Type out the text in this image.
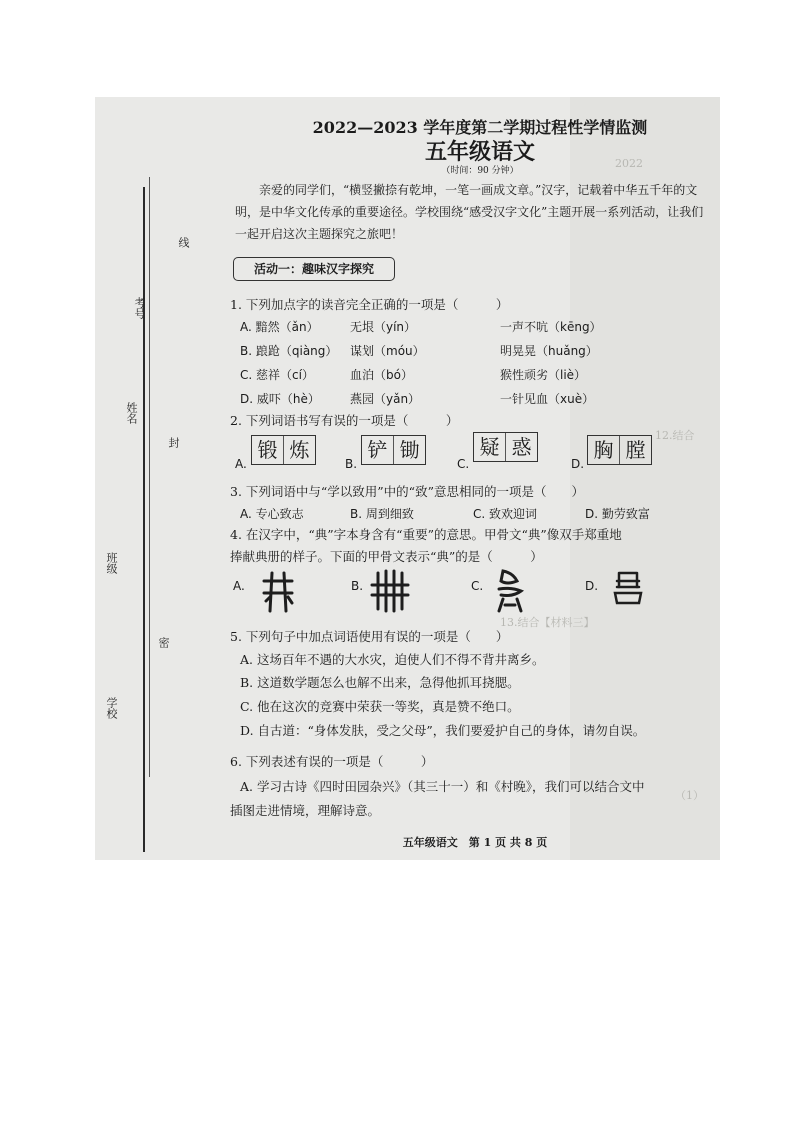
2022
12.结合
（1）
13.结合【材料三】
学校
班级
姓名
考号
密
封
线
2022—2023 学年度第二学期过程性学情监测
五年级语文
（时间：90 分钟）
亲爱的同学们，“横竖撇捺有乾坤，一笔一画成文章。”汉字，记载着中华五千年的文明，是中华文化传承的重要途径。学校围绕“感受汉字文化”主题开展一系列活动，让我们一起开启这次主题探究之旅吧！
活动一：趣味汉字探究
1. 下列加点字的读音完全正确的一项是（　　　）
A. 黯然（ǎn）	无垠（yín）	一声不吭（kēng）
B. 踉跄（qiàng） 谋划（móu）	明晃晃（huǎng）
C. 慈祥（cí）	血泊（bó）	猴性顽劣（liè）
D. 威吓（hè）	燕园（yǎn）	一针见血（xuè）
2. 下列词语书写有误的一项是（　　　）
A.
锻 炼
B.
铲 锄
C.
疑 惑
D.
胸 膛
3. 下列词语中与“学以致用”中的“致”意思相同的一项是（　　）
A. 专心致志	B. 周到细致	C. 致欢迎词	D. 勤劳致富
4. 在汉字中，“典”字本身含有“重要”的意思。甲骨文“典”像双手郑重地
捧献典册的样子。下面的甲骨文表示“典”的是（　　　）
A.	B.	C.	D.
5. 下列句子中加点词语使用有误的一项是（　　）
A. 这场百年不遇的大水灾，迫使人们不得不背井离乡。
B. 这道数学题怎么也解不出来，急得他抓耳挠腮。
C. 他在这次的竞赛中荣获一等奖，真是赞不绝口。
D. 自古道：“身体发肤，受之父母”，我们要爱护自己的身体，请勿自误。
6. 下列表述有误的一项是（　　　）
A. 学习古诗《四时田园杂兴》（其三十一）和《村晚》，我们可以结合文中
插图走进情境，理解诗意。
五年级语文　第 1 页 共 8 页
